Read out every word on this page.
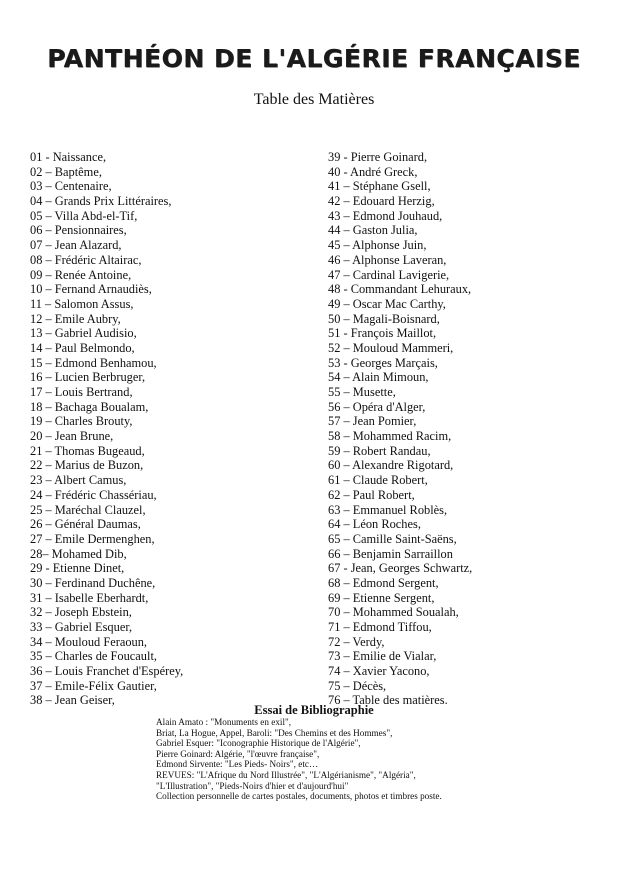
PANTHÉON DE L'ALGÉRIE FRANÇAISE
Table des Matières
01 - Naissance,
02 – Baptême,
03 – Centenaire,
04 – Grands Prix Littéraires,
05 – Villa Abd-el-Tif,
06 – Pensionnaires,
07 – Jean Alazard,
08 – Frédéric Altairac,
09 – Renée Antoine,
10 – Fernand Arnaudiès,
11 – Salomon Assus,
12 – Emile Aubry,
13 – Gabriel Audisio,
14 – Paul Belmondo,
15 – Edmond Benhamou,
16 – Lucien Berbruger,
17 – Louis Bertrand,
18 – Bachaga Boualam,
19 – Charles Brouty,
20 – Jean Brune,
21 – Thomas Bugeaud,
22 – Marius de Buzon,
23 – Albert Camus,
24 – Frédéric Chassériau,
25 – Maréchal Clauzel,
26 – Général Daumas,
27 – Emile Dermenghen,
28– Mohamed Dib,
29 - Etienne Dinet,
30 – Ferdinand Duchêne,
31 – Isabelle Eberhardt,
32 – Joseph Ebstein,
33 – Gabriel Esquer,
34 – Mouloud Feraoun,
35 – Charles de Foucault,
36 – Louis Franchet d'Espérey,
37 – Emile-Félix Gautier,
38 – Jean Geiser,
39 - Pierre Goinard,
40 - André Greck,
41 – Stéphane Gsell,
42 – Edouard Herzig,
43 – Edmond Jouhaud,
44 – Gaston Julia,
45 – Alphonse Juin,
46 – Alphonse Laveran,
47 – Cardinal Lavigerie,
48 - Commandant Lehuraux,
49 – Oscar Mac Carthy,
50 – Magali-Boisnard,
51 - François Maillot,
52 – Mouloud Mammeri,
53 - Georges Marçais,
54 – Alain Mimoun,
55 – Musette,
56 – Opéra d'Alger,
57 – Jean Pomier,
58 – Mohammed Racim,
59 – Robert Randau,
60 – Alexandre Rigotard,
61 – Claude Robert,
62 – Paul Robert,
63 – Emmanuel Roblès,
64 – Léon Roches,
65 – Camille Saint-Saëns,
66 – Benjamin Sarraillon
67 - Jean, Georges Schwartz,
68 – Edmond Sergent,
69 – Etienne Sergent,
70 – Mohammed Soualah,
71 – Edmond Tiffou,
72 – Verdy,
73 – Emilie de Vialar,
74 – Xavier Yacono,
75 – Décès,
76 – Table des matières.
Essai de Bibliographie
Alain Amato : "Monuments en exil",
Briat, La Hogue, Appel, Baroli: "Des Chemins et des Hommes",
Gabriel Esquer: "Iconographie Historique de l'Algérie",
Pierre Goinard: Algérie, "l'œuvre française",
Edmond Sirvente: "Les Pieds- Noirs", etc…
REVUES: "L'Afrique du Nord Illustrée", "L'Algérianisme", "Algéria",
"L'Illustration", "Pieds-Noirs d'hier et d'aujourd'hui"
Collection personnelle de cartes postales, documents, photos et timbres poste.
